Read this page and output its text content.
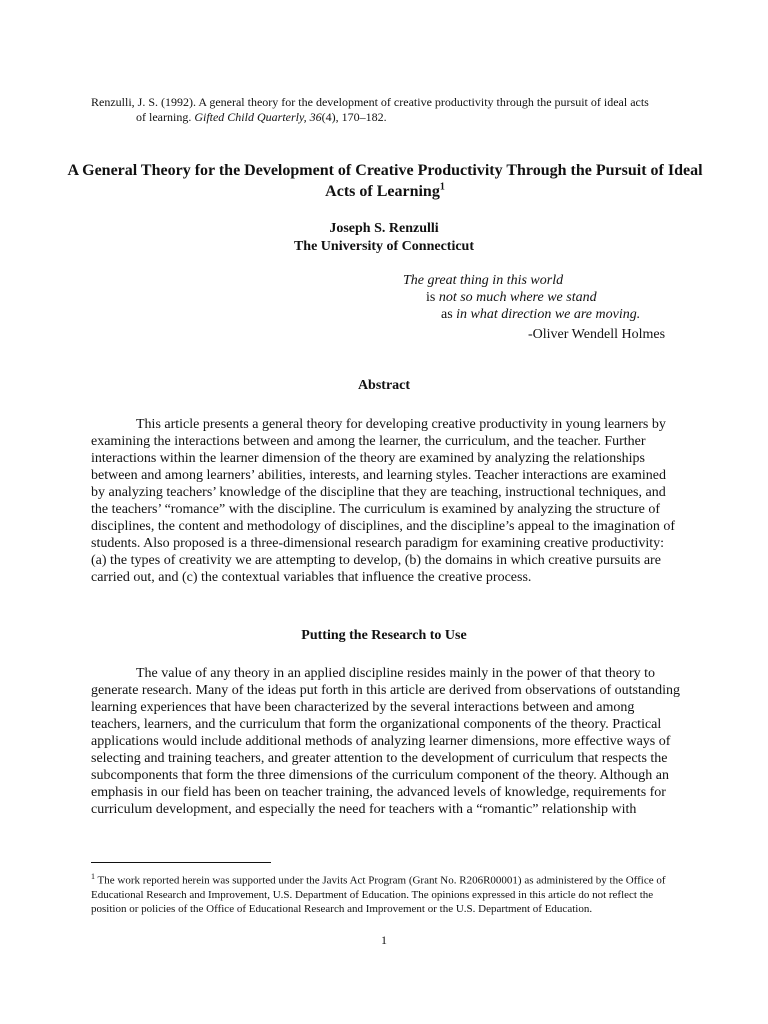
Renzulli, J. S. (1992). A general theory for the development of creative productivity through the pursuit of ideal acts
of learning. Gifted Child Quarterly, 36(4), 170–182.
A General Theory for the Development of Creative Productivity Through the Pursuit of Ideal Acts of Learning$^1$
Joseph S. Renzulli
The University of Connecticut
The great thing in this world
is not so much where we stand
as in what direction we are moving.
-Oliver Wendell Holmes
Abstract
This article presents a general theory for developing creative productivity in young learners by examining the interactions between and among the learner, the curriculum, and the teacher. Further interactions within the learner dimension of the theory are examined by analyzing the relationships between and among learners’ abilities, interests, and learning styles. Teacher interactions are examined by analyzing teachers’ knowledge of the discipline that they are teaching, instructional techniques, and the teachers’ “romance” with the discipline. The curriculum is examined by analyzing the structure of disciplines, the content and methodology of disciplines, and the discipline’s appeal to the imagination of students. Also proposed is a three-dimensional research paradigm for examining creative productivity: (a) the types of creativity we are attempting to develop, (b) the domains in which creative pursuits are carried out, and (c) the contextual variables that influence the creative process.
Putting the Research to Use
The value of any theory in an applied discipline resides mainly in the power of that theory to generate research. Many of the ideas put forth in this article are derived from observations of outstanding learning experiences that have been characterized by the several interactions between and among teachers, learners, and the curriculum that form the organizational components of the theory. Practical applications would include additional methods of analyzing learner dimensions, more effective ways of selecting and training teachers, and greater attention to the development of curriculum that respects the subcomponents that form the three dimensions of the curriculum component of the theory. Although an emphasis in our field has been on teacher training, the advanced levels of knowledge, requirements for curriculum development, and especially the need for teachers with a “romantic” relationship with
$^1$ The work reported herein was supported under the Javits Act Program (Grant No. R206R00001) as administered by the Office of Educational Research and Improvement, U.S. Department of Education. The opinions expressed in this article do not reflect the position or policies of the Office of Educational Research and Improvement or the U.S. Department of Education.
1
